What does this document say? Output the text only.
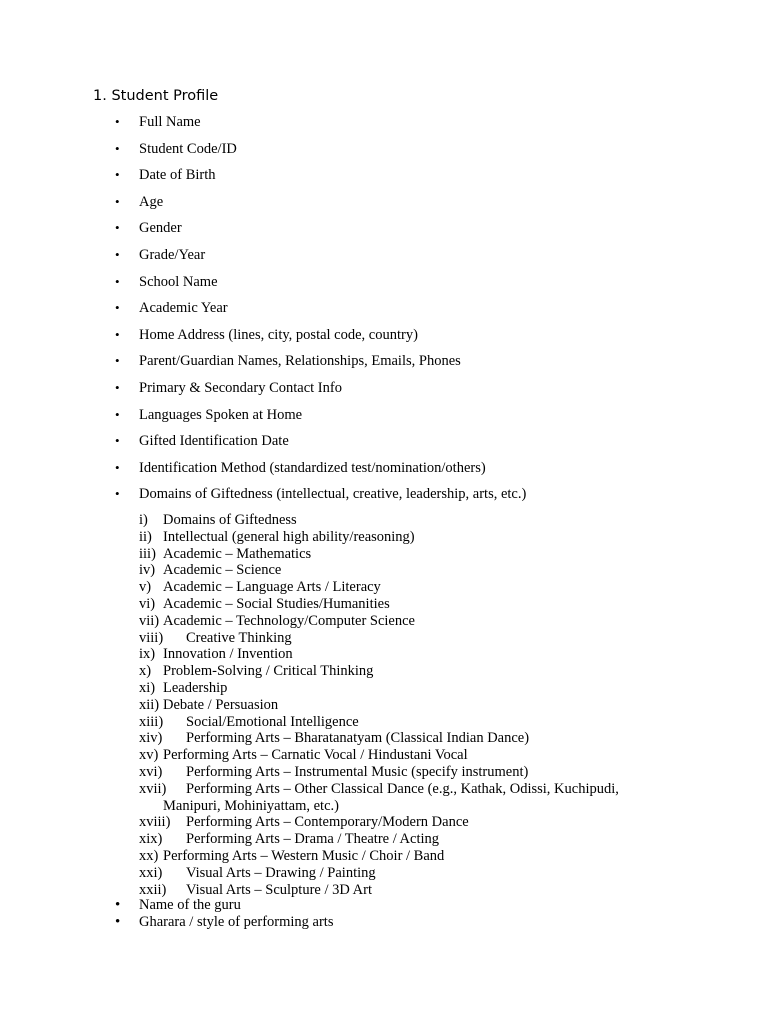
1. Student Profile
• Full Name
• Student Code/ID
• Date of Birth
• Age
• Gender
• Grade/Year
• School Name
• Academic Year
• Home Address (lines, city, postal code, country)
• Parent/Guardian Names, Relationships, Emails, Phones
• Primary & Secondary Contact Info
• Languages Spoken at Home
• Gifted Identification Date
• Identification Method (standardized test/nomination/others)
• Domains of Giftedness (intellectual, creative, leadership, arts, etc.)
i) Domains of Giftedness
ii) Intellectual (general high ability/reasoning)
iii) Academic – Mathematics
iv) Academic – Science
v) Academic – Language Arts / Literacy
vi) Academic – Social Studies/Humanities
vii) Academic – Technology/Computer Science
viii) Creative Thinking
ix) Innovation / Invention
x) Problem-Solving / Critical Thinking
xi) Leadership
xii) Debate / Persuasion
xiii) Social/Emotional Intelligence
xiv) Performing Arts – Bharatanatyam (Classical Indian Dance)
xv) Performing Arts – Carnatic Vocal / Hindustani Vocal
xvi) Performing Arts – Instrumental Music (specify instrument)
xvii)	Performing Arts – Other Classical Dance (e.g., Kathak, Odissi, Kuchipudi, Manipuri, Mohiniyattam, etc.)
xviii) Performing Arts – Contemporary/Modern Dance
xix) Performing Arts – Drama / Theatre / Acting
xx) Performing Arts – Western Music / Choir / Band
xxi) Visual Arts – Drawing / Painting
xxii) Visual Arts – Sculpture / 3D Art
• Name of the guru
• Gharara / style of performing arts
